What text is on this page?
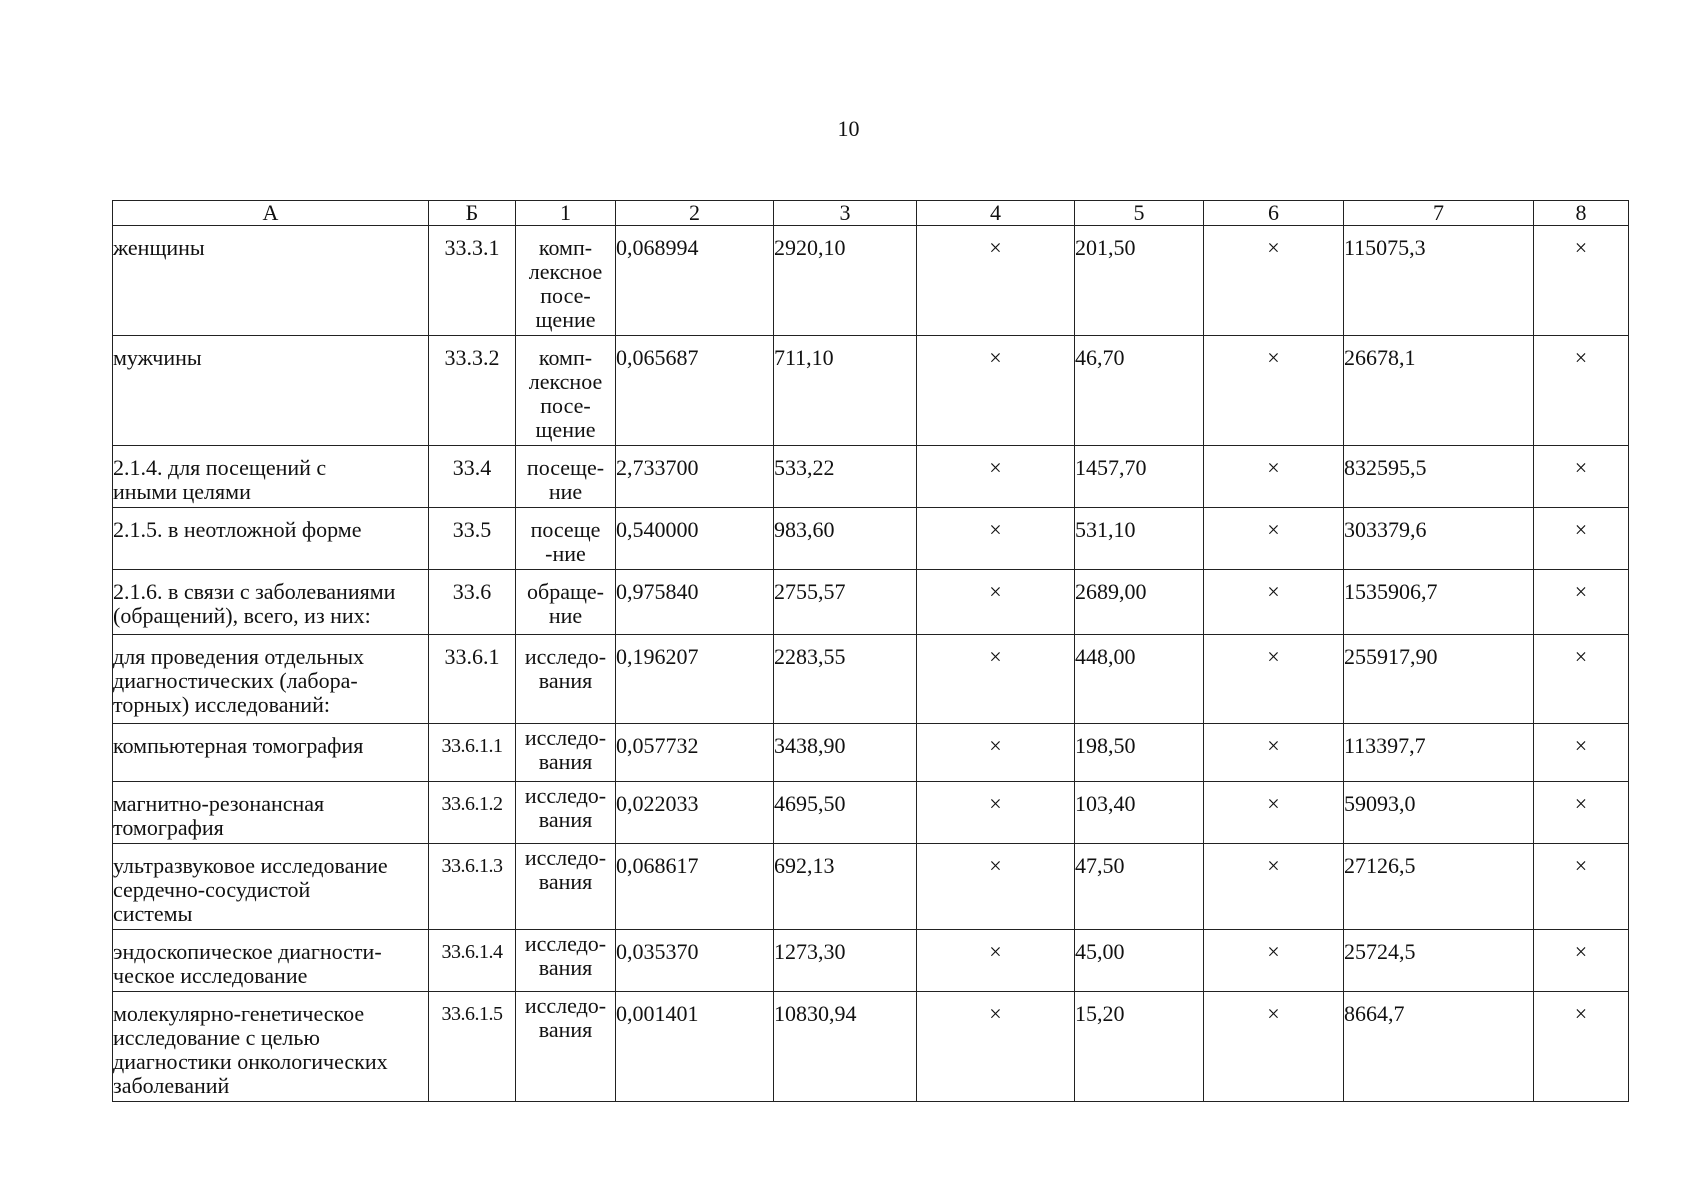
10
А	Б	1	2	3	4	5	6	7	8
женщины	33.3.1	комп-
лексное
посе-
щение	0,068994	2920,10	×	201,50	×	115075,3	×
мужчины	33.3.2	комп-
лексное
посе-
щение	0,065687	711,10	×	46,70	×	26678,1	×
2.1.4. для посещений с
иными целями	33.4	посеще-
ние	2,733700	533,22	×	1457,70	×	832595,5	×
2.1.5. в неотложной форме	33.5	посеще
-ние	0,540000	983,60	×	531,10	×	303379,6	×
2.1.6. в связи с заболеваниями
(обращений), всего, из них:	33.6	обраще-
ние	0,975840	2755,57	×	2689,00	×	1535906,7	×
для проведения отдельных
диагностических (лабора-
торных) исследований:	33.6.1	исследо-
вания	0,196207	2283,55	×	448,00	×	255917,90	×
компьютерная томография	33.6.1.1	исследо-
вания	0,057732	3438,90	×	198,50	×	113397,7	×
магнитно-резонансная
томография	33.6.1.2	исследо-
вания	0,022033	4695,50	×	103,40	×	59093,0	×
ультразвуковое исследование
сердечно-сосудистой
системы	33.6.1.3	исследо-
вания	0,068617	692,13	×	47,50	×	27126,5	×
эндоскопическое диагности-
ческое исследование	33.6.1.4	исследо-
вания	0,035370	1273,30	×	45,00	×	25724,5	×
молекулярно-генетическое
исследование с целью
диагностики онкологических
заболеваний	33.6.1.5	исследо-
вания	0,001401	10830,94	×	15,20	×	8664,7	×
